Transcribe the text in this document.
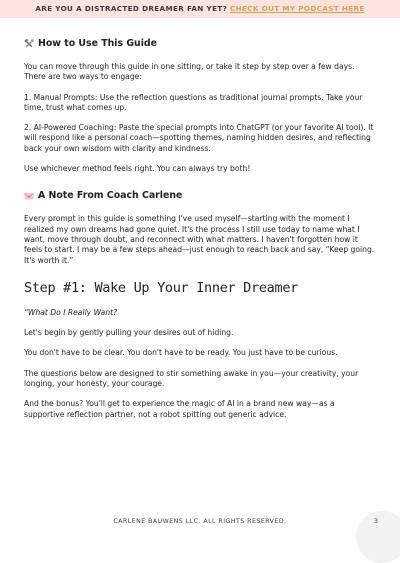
ARE YOU A DISTRACTED DREAMER FAN YET? CHECK OUT MY PODCAST HERE
How to Use This Guide

You can move through this guide in one sitting, or take it step by step over a few days. There are two ways to engage:

1. Manual Prompts: Use the reflection questions as traditional journal prompts. Take your time, trust what comes up.

2. AI-Powered Coaching: Paste the special prompts into ChatGPT (or your favorite AI tool). It will respond like a personal coach—spotting themes, naming hidden desires, and reflecting back your own wisdom with clarity and kindness.

Use whichever method feels right. You can always try both!

A Note From Coach Carlene

Every prompt in this guide is something I've used myself—starting with the moment I realized my own dreams had gone quiet. It's the process I still use today to name what I want, move through doubt, and reconnect with what matters. I haven't forgotten how it feels to start. I may be a few steps ahead—just enough to reach back and say, “Keep going. It's worth it.”

Step #1: Wake Up Your Inner Dreamer

“What Do I Really Want?

Let's begin by gently pulling your desires out of hiding.

You don't have to be clear. You don't have to be ready. You just have to be curious.

The questions below are designed to stir something awake in you—your creativity, your longing, your honesty, your courage.

And the bonus? You'll get to experience the magic of AI in a brand new way—as a supportive reflection partner, not a robot spitting out generic advice.

CARLENE BAUWENS LLC. ALL RIGHTS RESERVED.	3
